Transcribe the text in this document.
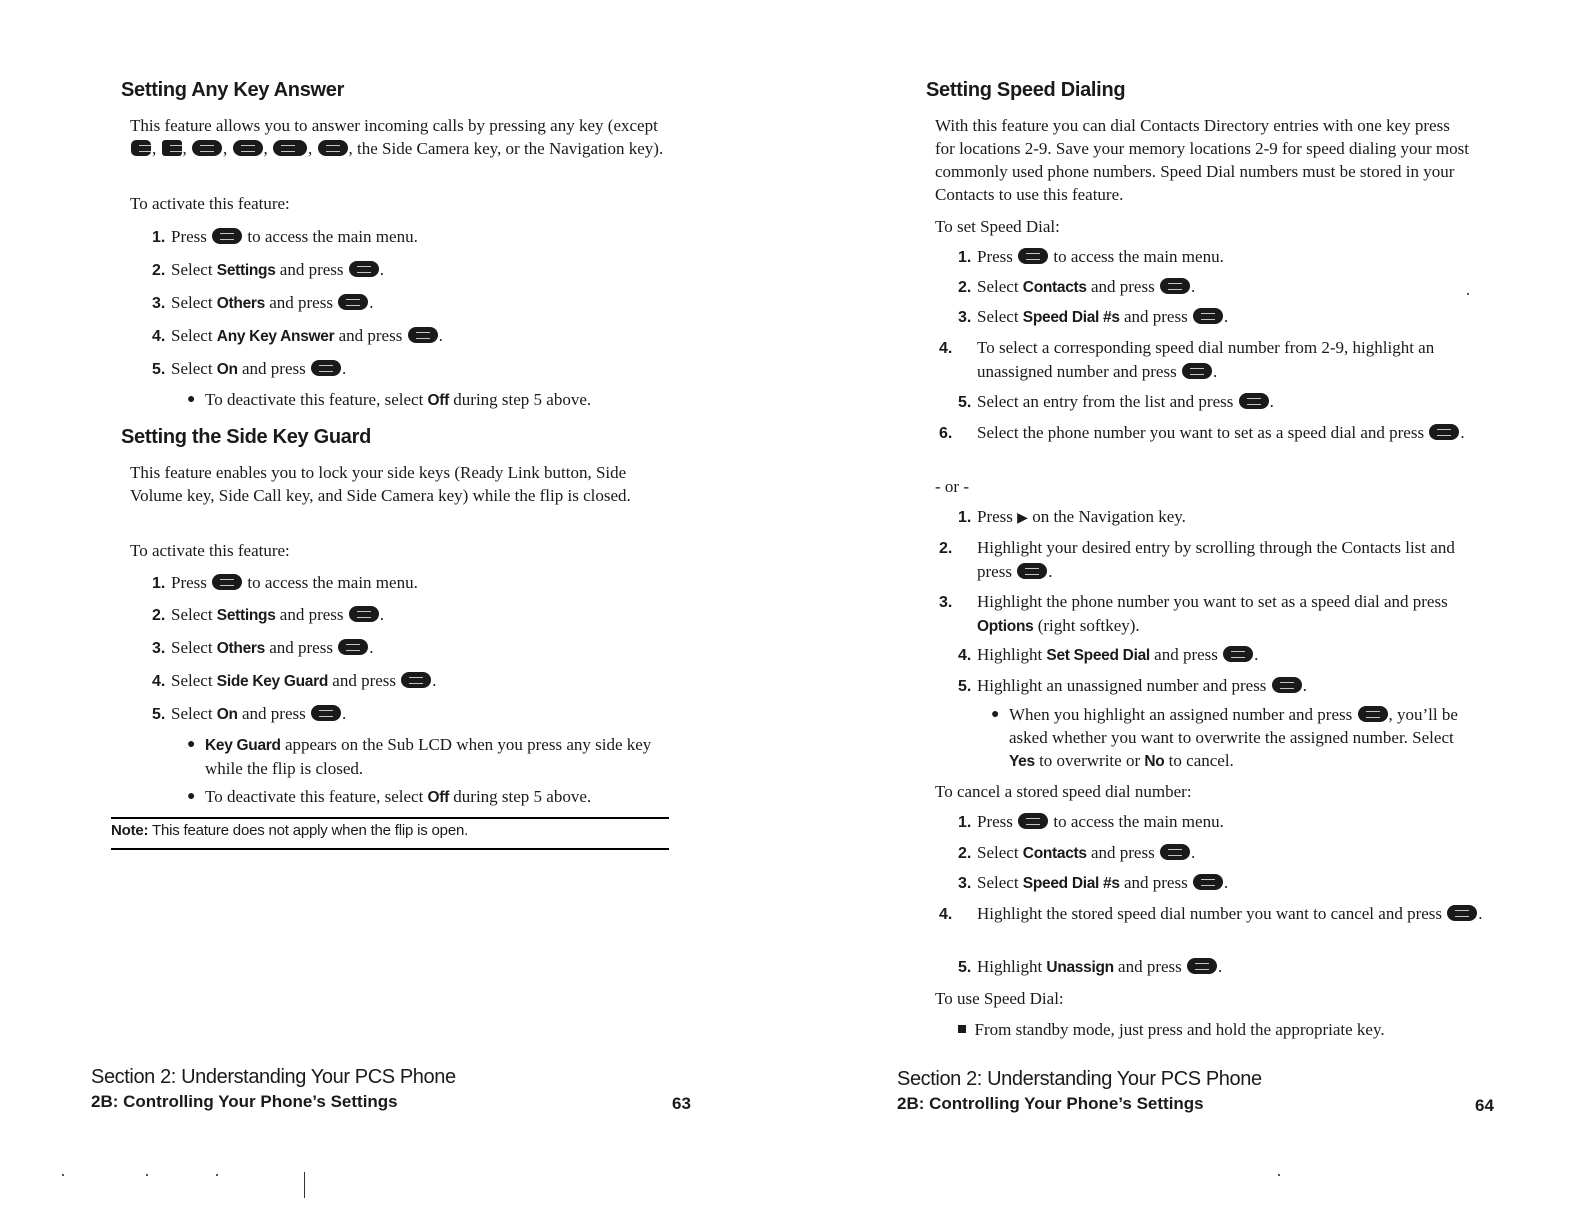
Setting Any Key Answer
This feature allows you to answer incoming calls by pressing any key (except , , , , , , the Side Camera key, or the Navigation key).
To activate this feature:
1. Press to access the main menu.
2. Select Settings and press .
3. Select Others and press .
4. Select Any Key Answer and press .
5. Select On and press .
● To deactivate this feature, select Off during step 5 above.
Setting the Side Key Guard
This feature enables you to lock your side keys (Ready Link button, Side Volume key, Side Call key, and Side Camera key) while the flip is closed.
To activate this feature:
1. Press to access the main menu.
2. Select Settings and press .
3. Select Others and press .
4. Select Side Key Guard and press .
5. Select On and press .
● Key Guard appears on the Sub LCD when you press any side key while the flip is closed.
● To deactivate this feature, select Off during step 5 above.
Note: This feature does not apply when the flip is open.
Section 2: Understanding Your PCS Phone
2B: Controlling Your Phone’s Settings	63
Setting Speed Dialing
With this feature you can dial Contacts Directory entries with one key press for locations 2-9. Save your memory locations 2-9 for speed dialing your most commonly used phone numbers. Speed Dial numbers must be stored in your Contacts to use this feature.
To set Speed Dial:
1. Press to access the main menu.
2. Select Contacts and press .
3. Select Speed Dial #s and press .
4. To select a corresponding speed dial number from 2-9, highlight an unassigned number and press .
5. Select an entry from the list and press .
6. Select the phone number you want to set as a speed dial and press .
- or -
1. Press ▶ on the Navigation key.
2. Highlight your desired entry by scrolling through the Contacts list and press .
3. Highlight the phone number you want to set as a speed dial and press Options (right softkey).
4. Highlight Set Speed Dial and press .
5. Highlight an unassigned number and press .
● When you highlight an assigned number and press , you’ll be asked whether you want to overwrite the assigned number. Select Yes to overwrite or No to cancel.
To cancel a stored speed dial number:
1. Press to access the main menu.
2. Select Contacts and press .
3. Select Speed Dial #s and press .
4. Highlight the stored speed dial number you want to cancel and press .
5. Highlight Unassign and press .
To use Speed Dial:
From standby mode, just press and hold the appropriate key.
Section 2: Understanding Your PCS Phone
2B: Controlling Your Phone’s Settings	64
